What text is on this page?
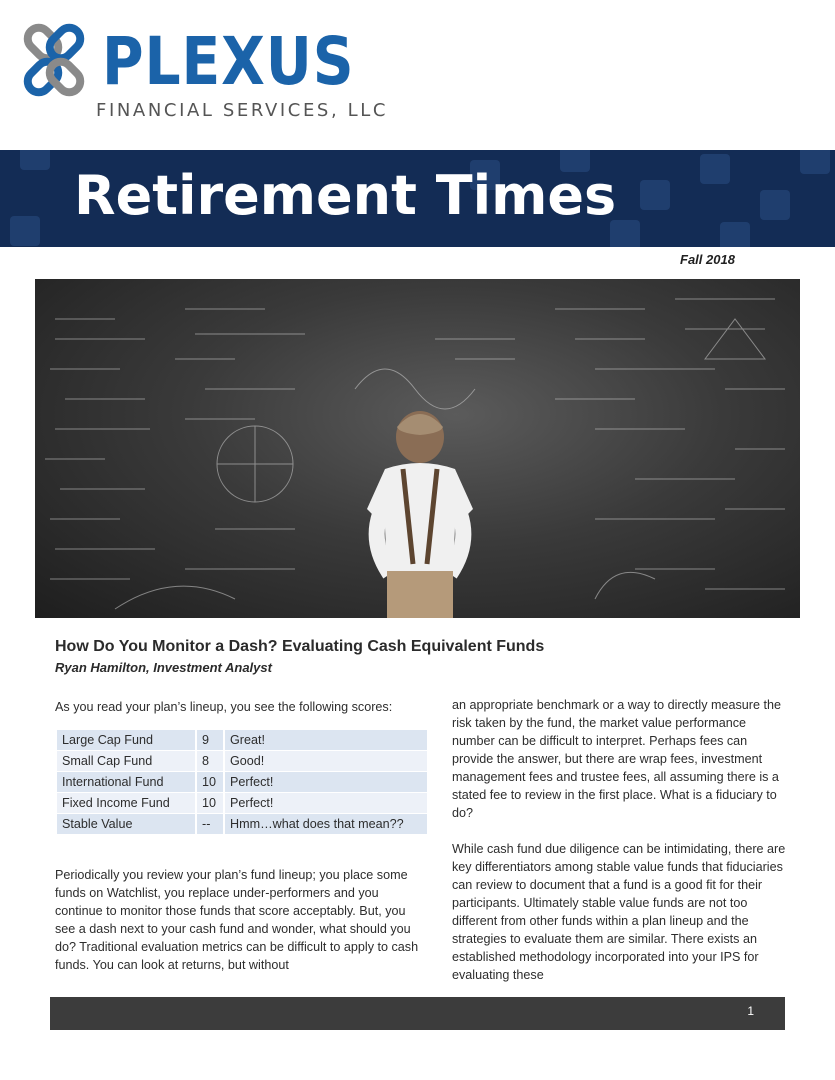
PLEXUS
FINANCIAL SERVICES, LLC
Retirement Times
Fall 2018
How Do You Monitor a Dash? Evaluating Cash Equivalent Funds
Ryan Hamilton, Investment Analyst

As you read your plan’s lineup, you see the following scores:

Large Cap Fund	9	Great!
Small Cap Fund	8	Good!
International Fund	10	Perfect!
Fixed Income Fund	10	Perfect!
Stable Value	--	Hmm…what does that mean??

Periodically you review your plan’s fund lineup; you place some funds on Watchlist, you replace under-performers and you continue to monitor those funds that score acceptably. But, you see a dash next to your cash fund and wonder, what should you do? Traditional evaluation metrics can be difficult to apply to cash funds. You can look at returns, but without

an appropriate benchmark or a way to directly measure the risk taken by the fund, the market value performance number can be difficult to interpret. Perhaps fees can provide the answer, but there are wrap fees, investment management fees and trustee fees, all assuming there is a stated fee to review in the first place. What is a fiduciary to do?

While cash fund due diligence can be intimidating, there are key differentiators among stable value funds that fiduciaries can review to document that a fund is a good fit for their participants. Ultimately stable value funds are not too different from other funds within a plan lineup and the strategies to evaluate them are similar. There exists an established methodology incorporated into your IPS for evaluating these

1
